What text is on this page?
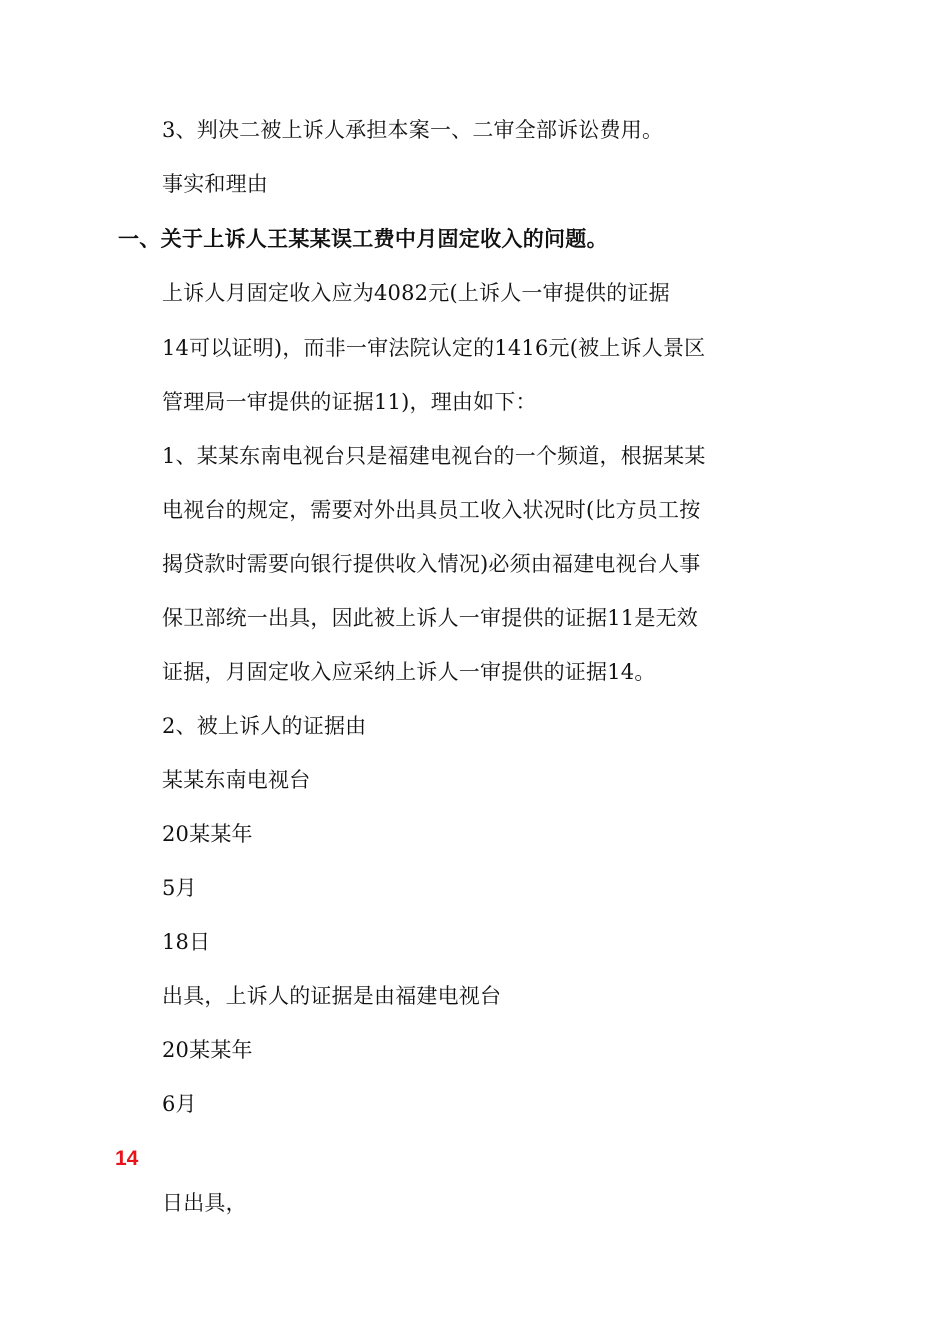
3、判决二被上诉人承担本案一、二审全部诉讼费用。

事实和理由

一、关于上诉人王某某误工费中月固定收入的问题。

上诉人月固定收入应为4082元(上诉人一审提供的证据

14可以证明)，而非一审法院认定的1416元(被上诉人景区

管理局一审提供的证据11)，理由如下：

1、某某东南电视台只是福建电视台的一个频道，根据某某

电视台的规定，需要对外出具员工收入状况时(比方员工按

揭贷款时需要向银行提供收入情况)必须由福建电视台人事

保卫部统一出具，因此被上诉人一审提供的证据11是无效

证据，月固定收入应采纳上诉人一审提供的证据14。

2、被上诉人的证据由

某某东南电视台

20某某年

5月

18日

出具，上诉人的证据是由福建电视台

20某某年

6月

14

日出具，
